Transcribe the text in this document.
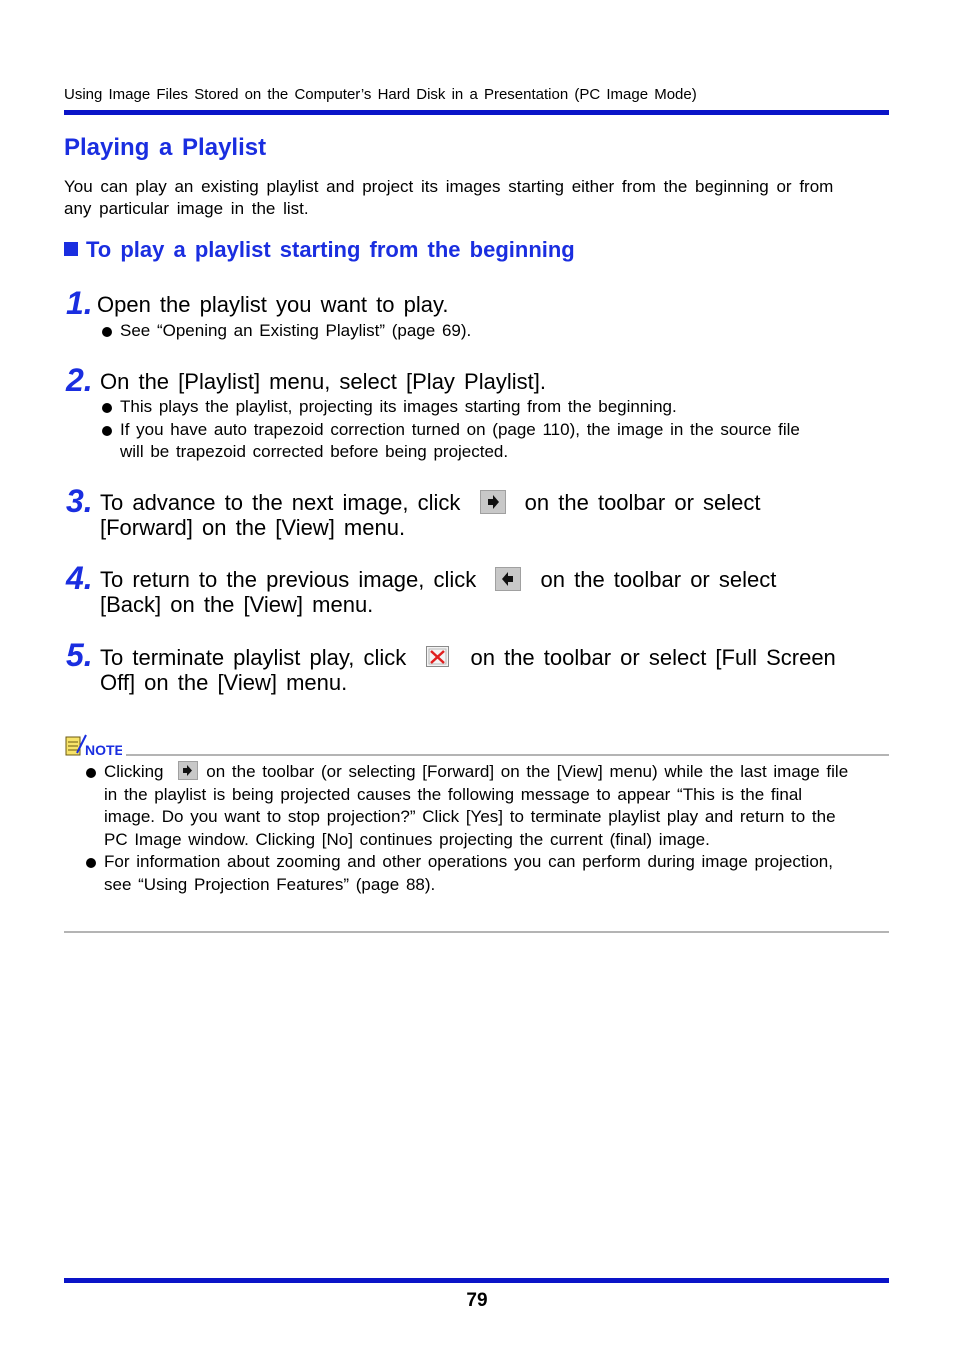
Using Image Files Stored on the Computer’s Hard Disk in a Presentation (PC Image Mode)
Playing a Playlist
You can play an existing playlist and project its images starting either from the beginning or from any particular image in the list.
To play a playlist starting from the beginning
1. Open the playlist you want to play.
See “Opening an Existing Playlist” (page 69).
2. On the [Playlist] menu, select [Play Playlist].
This plays the playlist, projecting its images starting from the beginning.
If you have auto trapezoid correction turned on (page 110), the image in the source file will be trapezoid corrected before being projected.
3. To advance to the next image, click	on the toolbar or select [Forward] on the [View] menu.
4. To return to the previous image, click	on the toolbar or select [Back] on the [View] menu.
5. To terminate playlist play, click	on the toolbar or select [Full Screen Off] on the [View] menu.
NOTE
Clicking	on the toolbar (or selecting [Forward] on the [View] menu) while the last image file in the playlist is being projected causes the following message to appear “This is the final image. Do you want to stop projection?” Click [Yes] to terminate playlist play and return to the PC Image window. Clicking [No] continues projecting the current (final) image.
For information about zooming and other operations you can perform during image projection, see “Using Projection Features” (page 88).
79
